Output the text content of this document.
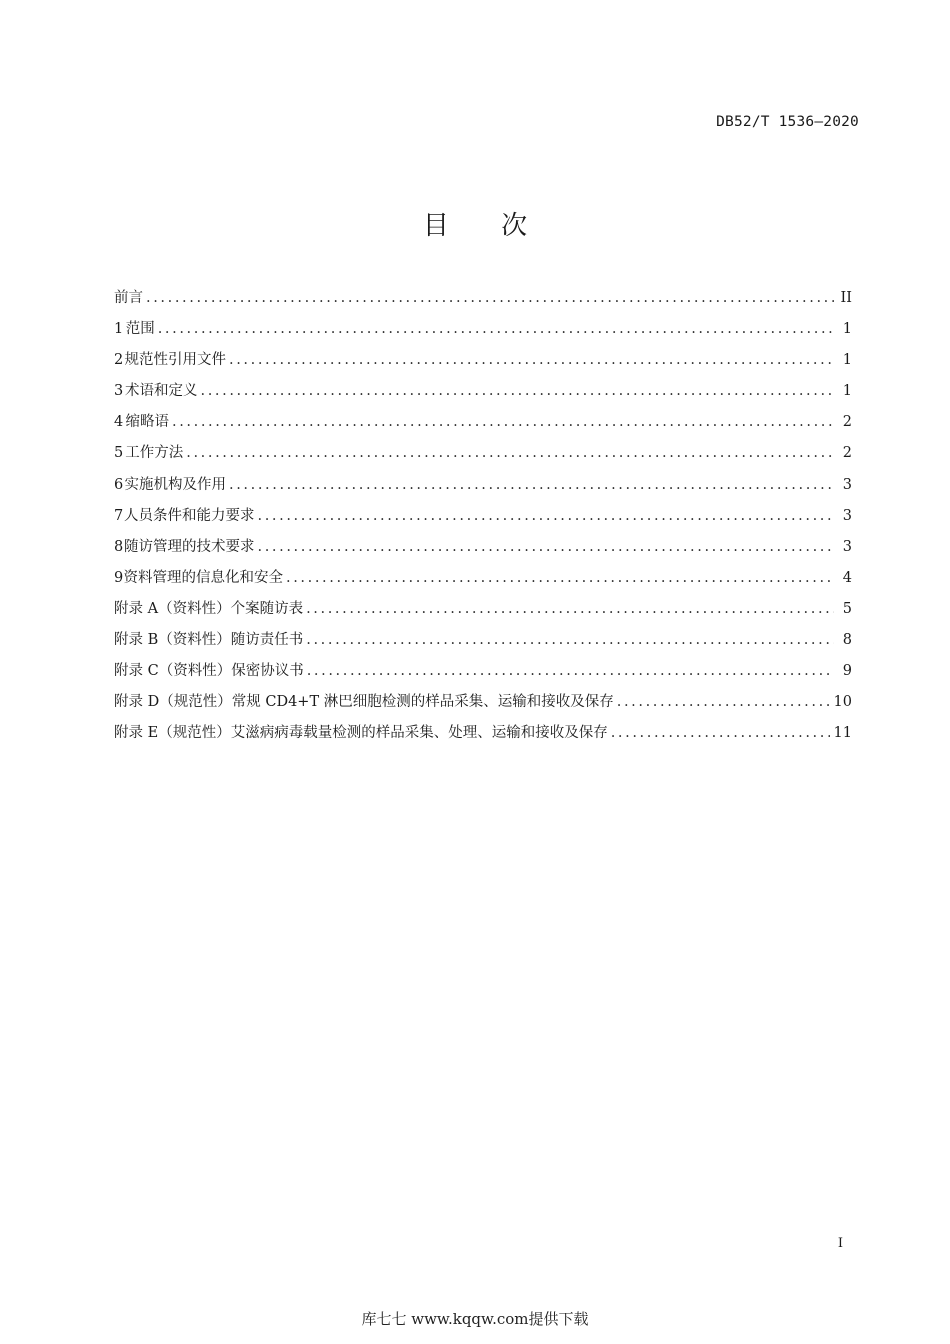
DB52/T 1536—2020
目 次
前言 .....	II
1 范围 .....	1
2 规范性引用文件 .....	1
3 术语和定义 .....	1
4 缩略语 .....	2
5 工作方法 .....	2
6 实施机构及作用 .....	3
7 人员条件和能力要求 .....	3
8 随访管理的技术要求 .....	3
9 资料管理的信息化和安全 .....	4
附录 A （资料性） 个案随访表 .....	5
附录 B （资料性） 随访责任书 .....	8
附录 C （资料性） 保密协议书 .....	9
附录 D （规范性） 常规 CD4+T 淋巴细胞检测的样品采集、运输和接收及保存 .....	10
附录 E （规范性） 艾滋病病毒载量检测的样品采集、处理、运输和接收及保存 .....	11
I
库七七 www.kqqw.com提供下载
